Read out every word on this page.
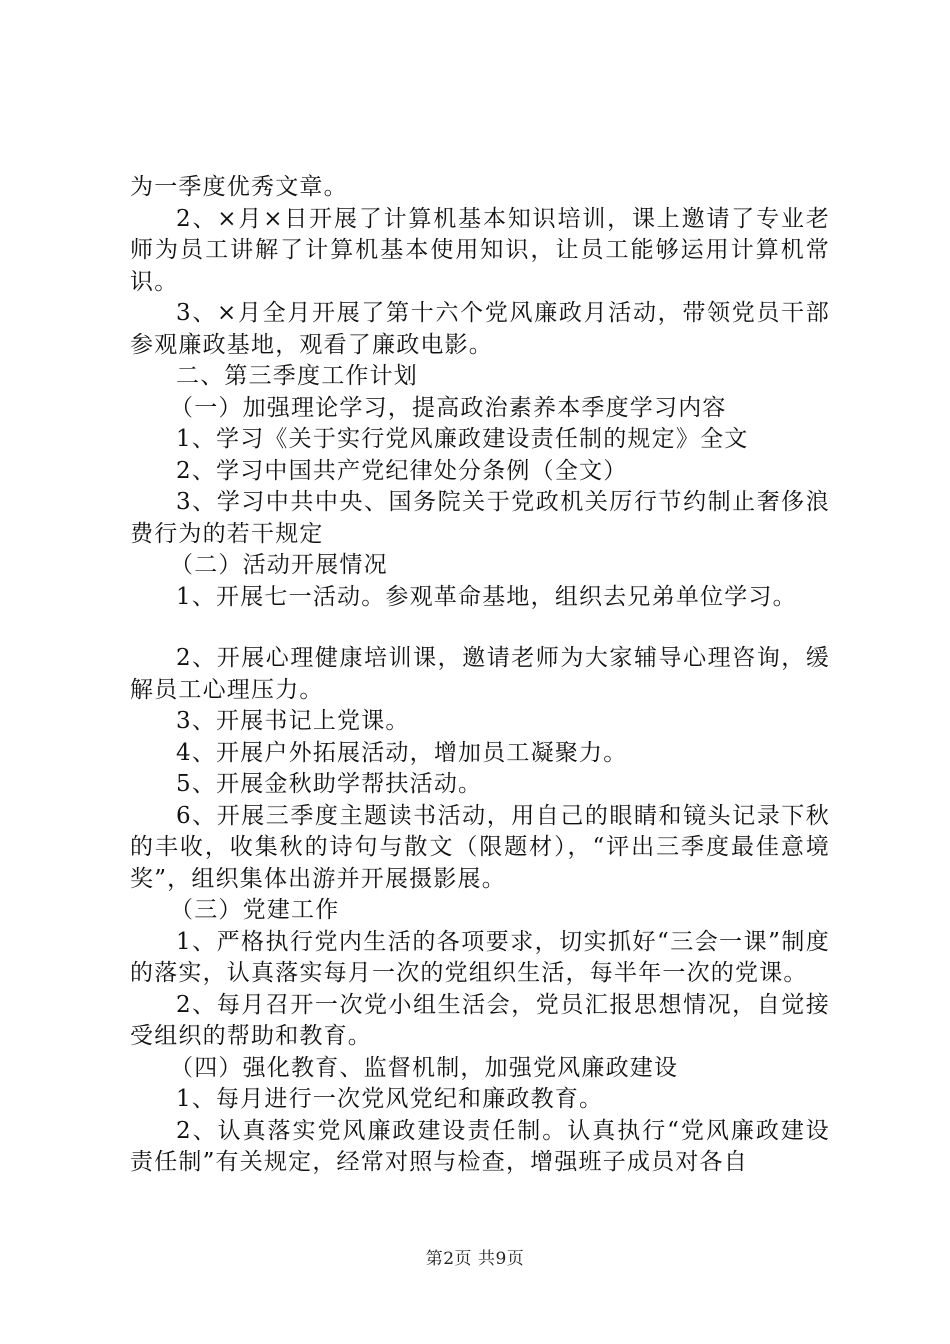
为一季度优秀文章。

2、×月×日开展了计算机基本知识培训，课上邀请了专业老师为员工讲解了计算机基本使用知识，让员工能够运用计算机常识。

3、×月全月开展了第十六个党风廉政月活动，带领党员干部参观廉政基地，观看了廉政电影。

二、第三季度工作计划

（一）加强理论学习，提高政治素养本季度学习内容

1、学习《关于实行党风廉政建设责任制的规定》全文

2、学习中国共产党纪律处分条例（全文）

3、学习中共中央、国务院关于党政机关厉行节约制止奢侈浪费行为的若干规定

（二）活动开展情况

1、开展七一活动。参观革命基地，组织去兄弟单位学习。

2、开展心理健康培训课，邀请老师为大家辅导心理咨询，缓解员工心理压力。

3、开展书记上党课。

4、开展户外拓展活动，增加员工凝聚力。

5、开展金秋助学帮扶活动。

6、开展三季度主题读书活动，用自己的眼睛和镜头记录下秋的丰收，收集秋的诗句与散文（限题材），“评出三季度最佳意境奖”，组织集体出游并开展摄影展。

（三）党建工作

1、严格执行党内生活的各项要求，切实抓好“三会一课”制度的落实，认真落实每月一次的党组织生活，每半年一次的党课。

2、每月召开一次党小组生活会，党员汇报思想情况，自觉接受组织的帮助和教育。

（四）强化教育、监督机制，加强党风廉政建设

1、每月进行一次党风党纪和廉政教育。

2、认真落实党风廉政建设责任制。认真执行“党风廉政建设责任制”有关规定，经常对照与检查，增强班子成员对各自

第2页 共9页
